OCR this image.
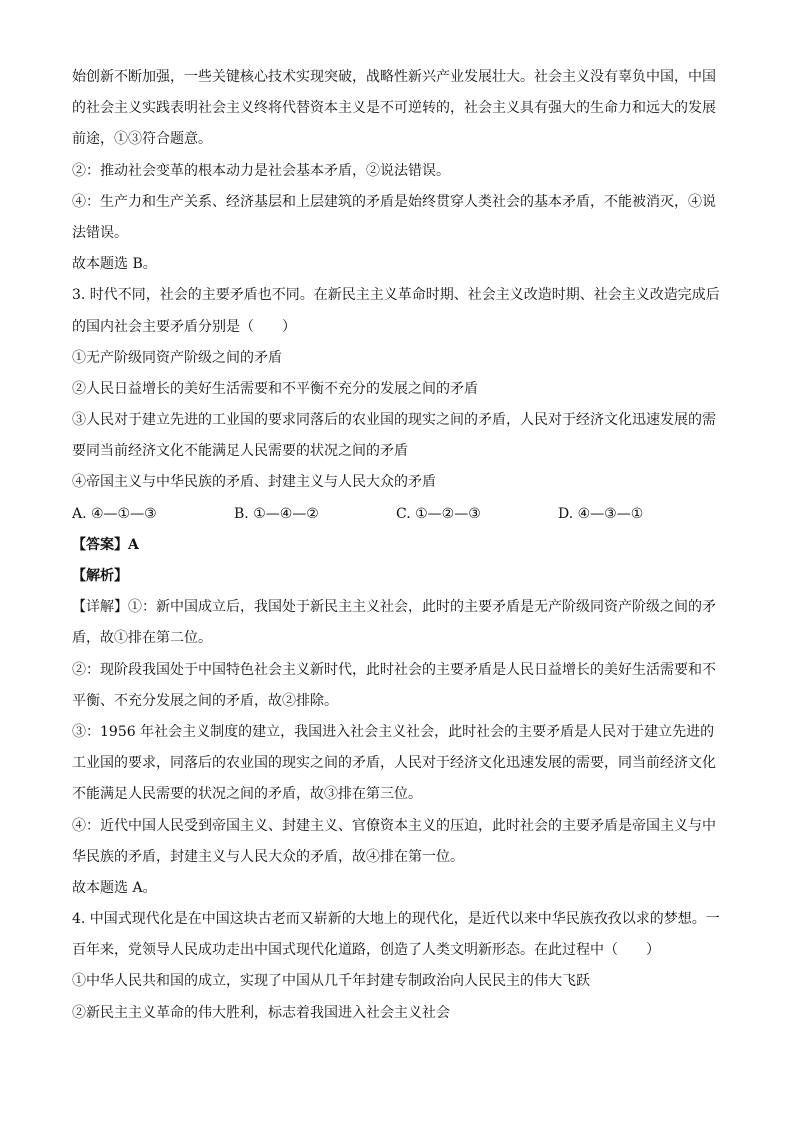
始创新不断加强，一些关键核心技术实现突破，战略性新兴产业发展壮大。社会主义没有辜负中国，中国
的社会主义实践表明社会主义终将代替资本主义是不可逆转的，社会主义具有强大的生命力和远大的发展
前途，①③符合题意。
②：推动社会变革的根本动力是社会基本矛盾，②说法错误。
④：生产力和生产关系、经济基层和上层建筑的矛盾是始终贯穿人类社会的基本矛盾，不能被消灭，④说
法错误。
故本题选 B。
3. 时代不同，社会的主要矛盾也不同。在新民主主义革命时期、社会主义改造时期、社会主义改造完成后
的国内社会主要矛盾分别是（　　）
①无产阶级同资产阶级之间的矛盾
②人民日益增长的美好生活需要和不平衡不充分的发展之间的矛盾
③人民对于建立先进的工业国的要求同落后的农业国的现实之间的矛盾，人民对于经济文化迅速发展的需
要同当前经济文化不能满足人民需要的状况之间的矛盾
④帝国主义与中华民族的矛盾、封建主义与人民大众的矛盾
A. ④—①—③	B. ①—④—②	C. ①—②—③	D. ④—③—①
【答案】A
【解析】
【详解】①：新中国成立后，我国处于新民主主义社会，此时的主要矛盾是无产阶级同资产阶级之间的矛
盾，故①排在第二位。
②：现阶段我国处于中国特色社会主义新时代，此时社会的主要矛盾是人民日益增长的美好生活需要和不
平衡、不充分发展之间的矛盾，故②排除。
③：1956 年社会主义制度的建立，我国进入社会主义社会，此时社会的主要矛盾是人民对于建立先进的
工业国的要求，同落后的农业国的现实之间的矛盾，人民对于经济文化迅速发展的需要，同当前经济文化
不能满足人民需要的状况之间的矛盾，故③排在第三位。
④：近代中国人民受到帝国主义、封建主义、官僚资本主义的压迫，此时社会的主要矛盾是帝国主义与中
华民族的矛盾，封建主义与人民大众的矛盾，故④排在第一位。
故本题选 A。
4. 中国式现代化是在中国这块古老而又崭新的大地上的现代化，是近代以来中华民族孜孜以求的梦想。一
百年来，党领导人民成功走出中国式现代化道路，创造了人类文明新形态。在此过程中（　　）
①中华人民共和国的成立，实现了中国从几千年封建专制政治向人民民主的伟大飞跃
②新民主主义革命的伟大胜利，标志着我国进入社会主义社会
